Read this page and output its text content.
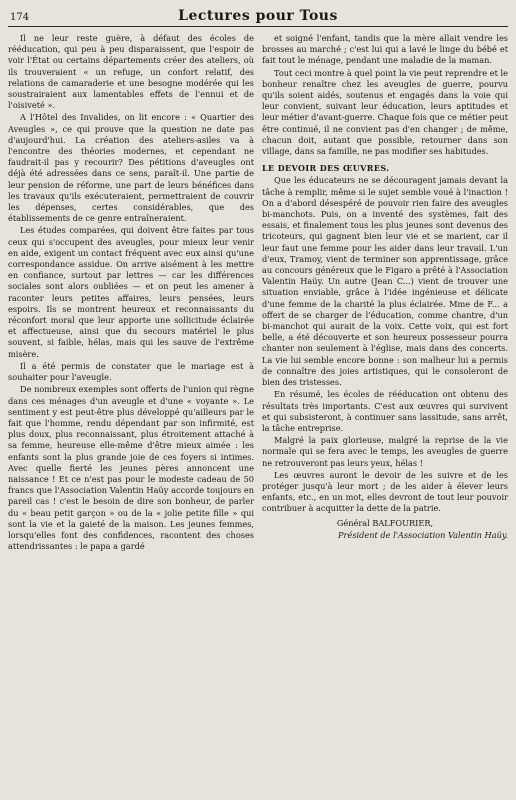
174	Lectures pour Tous

Il ne leur reste guère, à défaut des écoles de rééducation, qui peu à peu disparaissent, que l'espoir de voir l'État ou certains départements créer des ateliers, où ils trouveraient « un refuge, un confort relatif, des relations de camaraderie et une besogne modérée qui les soustrairaient aux lamentables effets de l'ennui et de l'oisiveté ».

A l'Hôtel des Invalides, on lit encore : « Quartier des Aveugles », ce qui prouve que la question ne date pas d'aujourd'hui. La création des ateliers-asiles va à l'encontre des théories modernes, et cependant ne faudrait-il pas y recourir? Des pétitions d'aveugles ont déjà été adressées dans ce sens, paraît-il. Une partie de leur pension de réforme, une part de leurs bénéfices dans les travaux qu'ils exécuteraient, permettraient de couvrir les dépenses, certes considérables, que des établissements de ce genre entraîneraient.

Les études comparées, qui doivent être faites par tous ceux qui s'occupent des aveugles, pour mieux leur venir en aide, exigent un contact fréquent avec eux ainsi qu'une correspondance assidue. On arrive aisément à les mettre en confiance, surtout par lettres — car les différences sociales sont alors oubliées — et on peut les amener à raconter leurs petites affaires, leurs pensées, leurs espoirs. Ils se montrent heureux et reconnaissants du réconfort moral que leur apporte une sollicitude éclairée et affectueuse, ainsi que du secours matériel le plus souvent, si faible, hélas, mais qui les sauve de l'extrême misère.

Il a été permis de constater que le mariage est à souhaiter pour l'aveugle.

De nombreux exemples sont offerts de l'union qui règne dans ces ménages d'un aveugle et d'une « voyante ». Le sentiment y est peut-être plus développé qu'ailleurs par le fait que l'homme, rendu dépendant par son infirmité, est plus doux, plus reconnaissant, plus étroitement attaché à sa femme, heureuse elle-même d'être mieux aimée : les enfants sont la plus grande joie de ces foyers si intimes. Avec quelle fierté les jeunes pères annoncent une naissance ! Et ce n'est pas pour le modeste cadeau de 50 francs que l'Association Valentin Haüy accorde toujours en pareil cas ! c'est le besoin de dire son bonheur, de parler du « beau petit garçon » ou de la « jolie petite fille » qui sont la vie et la gaieté de la maison. Les jeunes femmes, lorsqu'elles font des confidences, racontent des choses attendrissantes : le papa a gardé

et soigné l'enfant, tandis que la mère allait vendre les brosses au marché ; c'est lui qui a lavé le linge du bébé et fait tout le ménage, pendant une maladie de la maman.

Tout ceci montre à quel point la vie peut reprendre et le bonheur renaître chez les aveugles de guerre, pourvu qu'ils soient aidés, soutenus et engagés dans la voie qui leur convient, suivant leur éducation, leurs aptitudes et leur métier d'avant-guerre. Chaque fois que ce métier peut être continué, il ne convient pas d'en changer ; de même, chacun doit, autant que possible, retourner dans son village, dans sa famille, ne pas modifier ses habitudes.

LE DEVOIR DES ŒUVRES.

Que les éducateurs ne se découragent jamais devant la tâche à remplir, même si le sujet semble voué à l'inaction ! On a d'abord désespéré de pouvoir rien faire des aveugles bi-manchots. Puis, on a inventé des systèmes, fait des essais, et finalement tous les plus jeunes sont devenus des tricoteurs, qui gagnent bien leur vie et se marient, car il leur faut une femme pour les aider dans leur travail. L'un d'eux, Tramoy, vient de terminer son apprentissage, grâce au concours généreux que le Figaro a prêté à l'Association Valentin Haüy. Un autre (Jean C...) vient de trouver une situation enviable, grâce à l'idée ingénieuse et délicate d'une femme de la charité la plus éclairée. Mme de F... a offert de se charger de l'éducation, comme chantre, d'un bi-manchot qui aurait de la voix. Cette voix, qui est fort belle, a été découverte et son heureux possesseur pourra chanter non seulement à l'église, mais dans des concerts. La vie lui semble encore bonne : son malheur lui a permis de connaître des joies artistiques, qui le consoleront de bien des tristesses.

En résumé, les écoles de rééducation ont obtenu des résultats très importants. C'est aux œuvres qui survivent et qui subsisteront, à continuer sans lassitude, sans arrêt, la tâche entreprise.

Malgré la paix glorieuse, malgré la reprise de la vie normale qui se fera avec le temps, les aveugles de guerre ne retrouveront pas leurs yeux, hélas !

Les œuvres auront le devoir de les suivre et de les protéger jusqu'à leur mort ; de les aider à élever leurs enfants, etc., en un mot, elles devront de tout leur pouvoir contribuer à acquitter la dette de la patrie.

Général BALFOURIER,

Président de l'Association Valentin Haüy.
